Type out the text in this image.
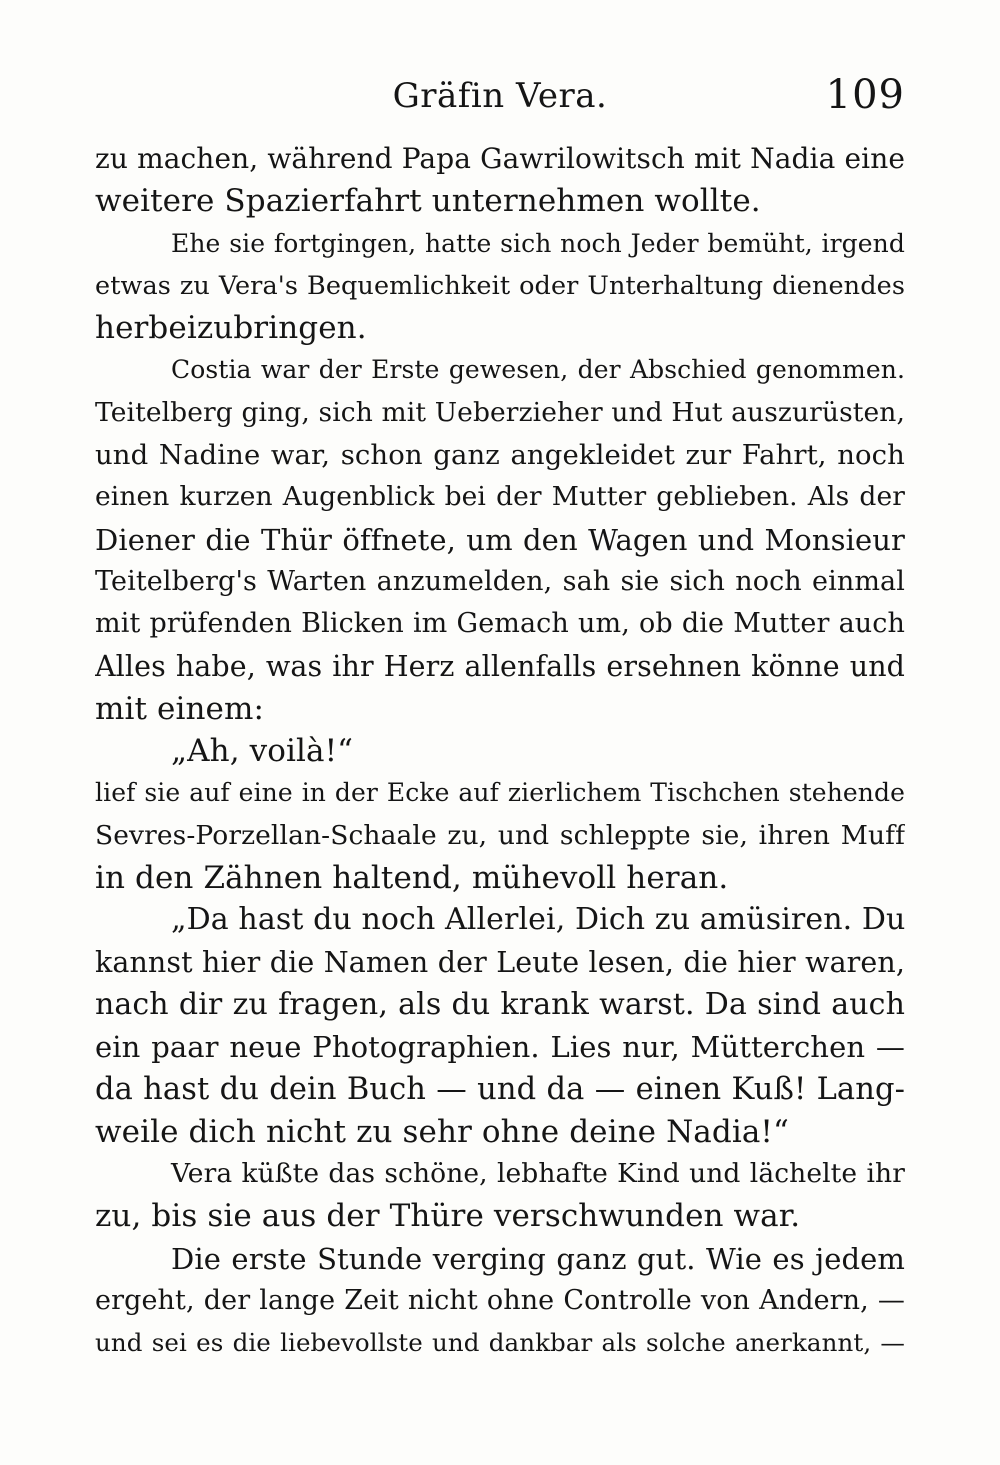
Gräfin Vera.	109
zu machen, während Papa Gawrilowitsch mit Nadia eine
weitere Spazierfahrt unternehmen wollte.
Ehe sie fortgingen, hatte sich noch Jeder bemüht, irgend
etwas zu Vera's Bequemlichkeit oder Unterhaltung dienendes
herbeizubringen.
Costia war der Erste gewesen, der Abschied genommen.
Teitelberg ging, sich mit Ueberzieher und Hut auszurüsten,
und Nadine war, schon ganz angekleidet zur Fahrt, noch
einen kurzen Augenblick bei der Mutter geblieben. Als der
Diener die Thür öffnete, um den Wagen und Monsieur
Teitelberg's Warten anzumelden, sah sie sich noch einmal
mit prüfenden Blicken im Gemach um, ob die Mutter auch
Alles habe, was ihr Herz allenfalls ersehnen könne und
mit einem:
„Ah, voilà!“
lief sie auf eine in der Ecke auf zierlichem Tischchen stehende
Sevres-Porzellan-Schaale zu, und schleppte sie, ihren Muff
in den Zähnen haltend, mühevoll heran.
„Da hast du noch Allerlei, Dich zu amüsiren. Du
kannst hier die Namen der Leute lesen, die hier waren,
nach dir zu fragen, als du krank warst. Da sind auch
ein paar neue Photographien. Lies nur, Mütterchen —
da hast du dein Buch — und da — einen Kuß! Lang-
weile dich nicht zu sehr ohne deine Nadia!“
Vera küßte das schöne, lebhafte Kind und lächelte ihr
zu, bis sie aus der Thüre verschwunden war.
Die erste Stunde verging ganz gut. Wie es jedem
ergeht, der lange Zeit nicht ohne Controlle von Andern, —
und sei es die liebevollste und dankbar als solche anerkannt, —
